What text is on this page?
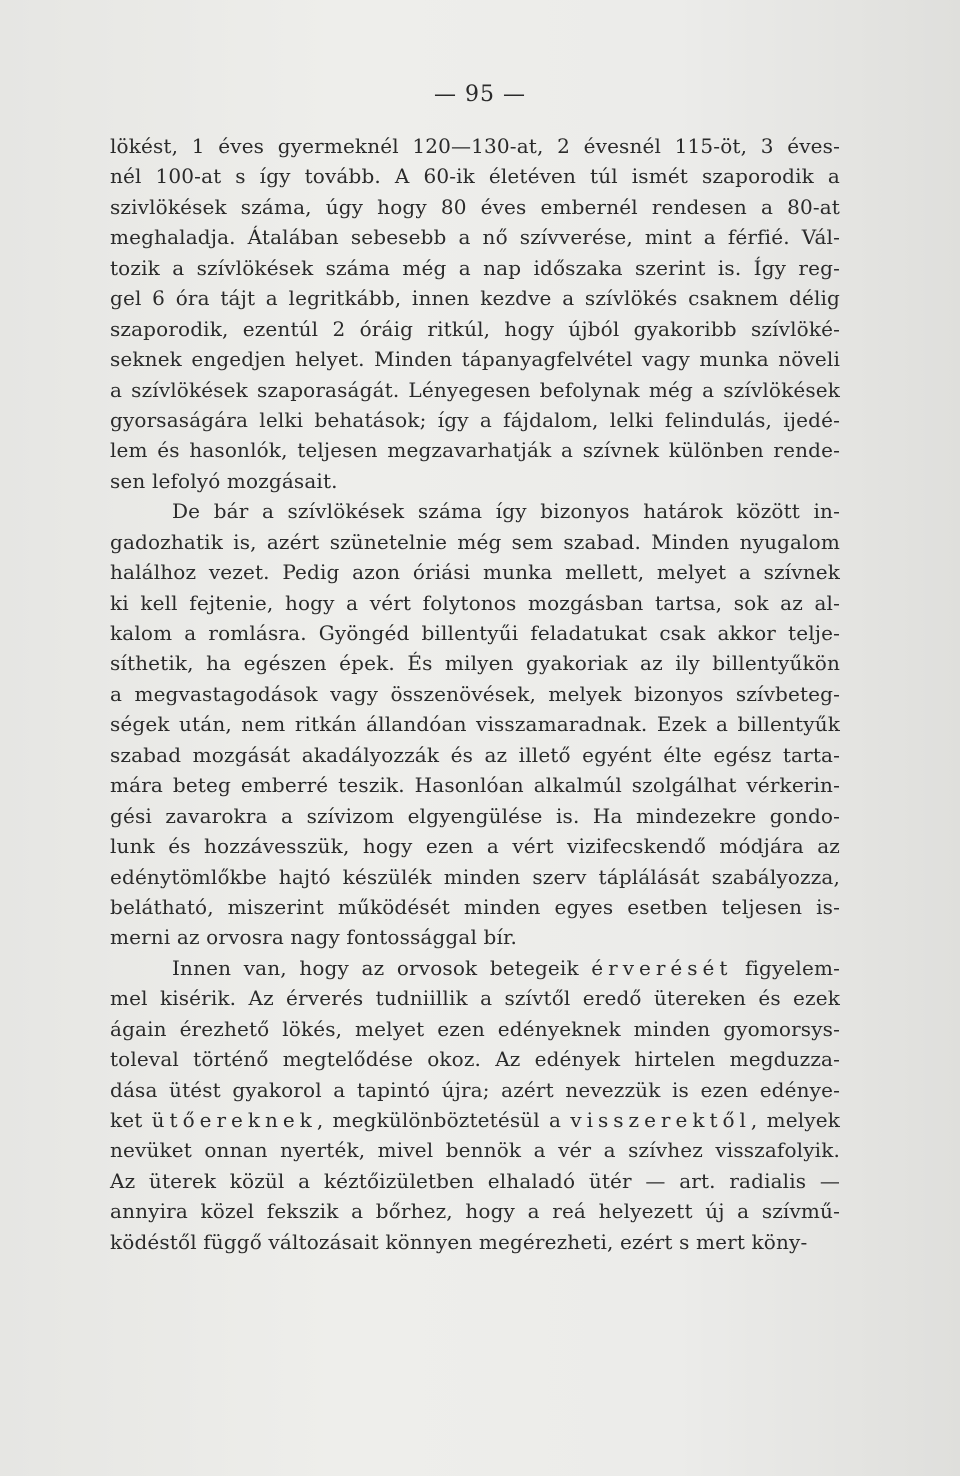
— 95 —
lökést, 1 éves gyermeknél 120—130-at, 2 évesnél 115-öt, 3 éves-
nél 100-at s így tovább. A 60-ik életéven túl ismét szaporodik a
szivlökések száma, úgy hogy 80 éves embernél rendesen a 80-at
meghaladja. Átalában sebesebb a nő szívverése, mint a férfié. Vál-
tozik a szívlökések száma még a nap időszaka szerint is. Így reg-
gel 6 óra tájt a legritkább, innen kezdve a szívlökés csaknem délig
szaporodik, ezentúl 2 óráig ritkúl, hogy újból gyakoribb szívlöké-
seknek engedjen helyet. Minden tápanyagfelvétel vagy munka növeli
a szívlökések szaporaságát. Lényegesen befolynak még a szívlökések
gyorsaságára lelki behatások; így a fájdalom, lelki felindulás, ijedé-
lem és hasonlók, teljesen megzavarhatják a szívnek különben rende-
sen lefolyó mozgásait.
De bár a szívlökések száma így bizonyos határok között in-
gadozhatik is, azért szünetelnie még sem szabad. Minden nyugalom
halálhoz vezet. Pedig azon óriási munka mellett, melyet a szívnek
ki kell fejtenie, hogy a vért folytonos mozgásban tartsa, sok az al-
kalom a romlásra. Gyöngéd billentyűi feladatukat csak akkor telje-
síthetik, ha egészen épek. És milyen gyakoriak az ily billentyűkön
a megvastagodások vagy összenövések, melyek bizonyos szívbeteg-
ségek után, nem ritkán állandóan visszamaradnak. Ezek a billentyűk
szabad mozgását akadályozzák és az illető egyént élte egész tarta-
mára beteg emberré teszik. Hasonlóan alkalmúl szolgálhat vérkerin-
gési zavarokra a szívizom elgyengülése is. Ha mindezekre gondo-
lunk és hozzávesszük, hogy ezen a vért vizifecskendő módjára az
edénytömlőkbe hajtó készülék minden szerv táplálását szabályozza,
belátható, miszerint működését minden egyes esetben teljesen is-
merni az orvosra nagy fontossággal bír.
Innen van, hogy az orvosok betegeik érverését figyelem-
mel kisérik. Az érverés tudniillik a szívtől eredő ütereken és ezek
ágain érezhető lökés, melyet ezen edényeknek minden gyomorsys-
toleval történő megtelődése okoz. Az edények hirtelen megduzza-
dása ütést gyakorol a tapintó újra; azért nevezzük is ezen edénye-
ket ütőereknek, megkülönböztetésül a visszerektől, melyek
nevüket onnan nyerték, mivel bennök a vér a szívhez visszafolyik.
Az üterek közül a kéztőizületben elhaladó ütér — art. radialis —
annyira közel fekszik a bőrhez, hogy a reá helyezett új a szívmű-
ködéstől függő változásait könnyen megérezheti, ezért s mert köny-
